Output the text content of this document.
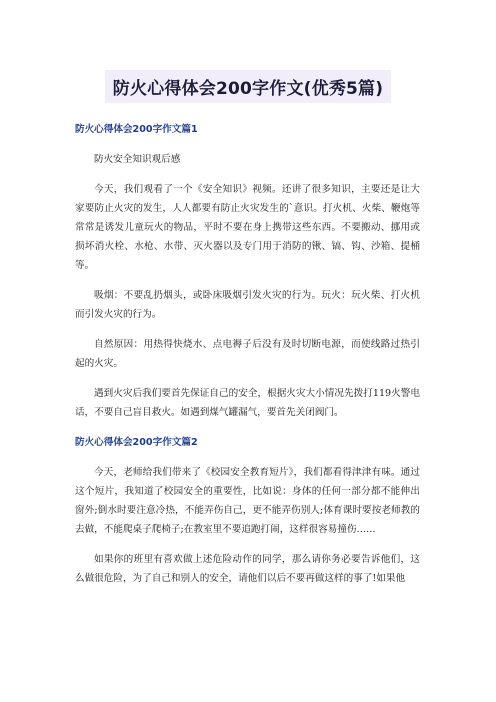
防火心得体会200字作文(优秀5篇)
防火心得体会200字作文篇1
防火安全知识观后感

今天，我们观看了一个《安全知识》视频。还讲了很多知识，主要还是让大家要防止火灾的发生，人人都要有防止火灾发生的`意识。打火机、火柴、鞭炮等常常是诱发儿童玩火的物品，平时不要在身上携带这些东西。不要搬动、挪用或损坏消火栓、水枪、水带、灭火器以及专门用于消防的锹、镐、钩、沙箱、提桶等。

吸烟：不要乱扔烟头，或卧床吸烟引发火灾的行为。玩火：玩火柴、打火机而引发火灾的行为。

自然原因：用热得快烧水、点电褥子后没有及时切断电源，而使线路过热引起的火灾。

遇到火灾后我们要首先保证自己的安全，根据火灾大小情况先拨打119火警电话，不要自己盲目救火。如遇到煤气罐漏气，要首先关闭阀门。

防火心得体会200字作文篇2

今天，老师给我们带来了《校园安全教育短片》，我们都看得津津有味。通过这个短片，我知道了校园安全的重要性，比如说：身体的任何一部分都不能伸出窗外;倒水时要注意冷热，不能弄伤自己，更不能弄伤别人;体育课时要按老师教的去做，不能爬桌子爬椅子;在教室里不要追跑打闹，这样很容易撞伤……

如果你的班里有喜欢做上述危险动作的同学，那么请你务必要告诉他们，这么做很危险，为了自己和别人的安全，请他们以后不要再做这样的事了!如果他
